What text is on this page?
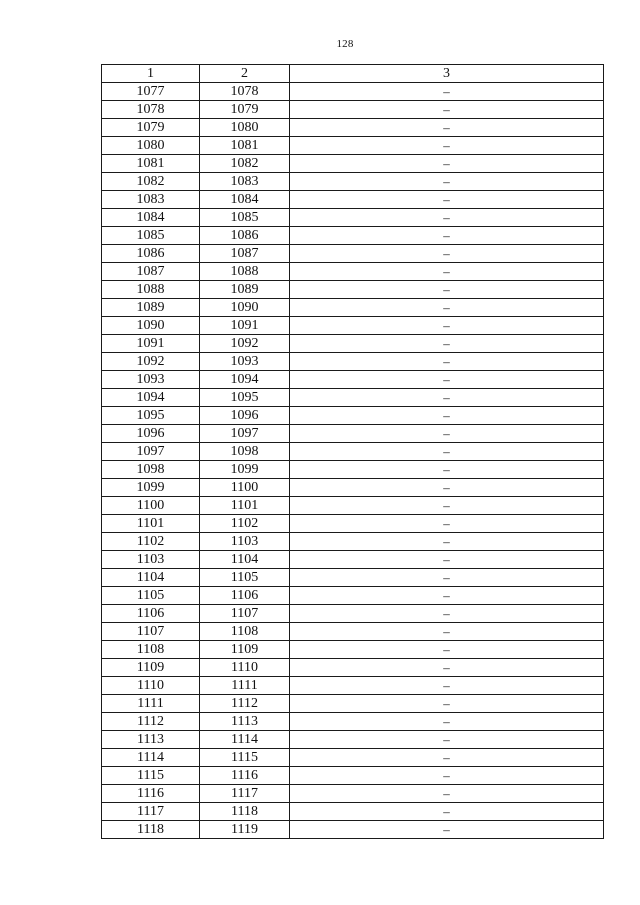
128
1	2	3
1077	1078	–
1078	1079	–
1079	1080	–
1080	1081	–
1081	1082	–
1082	1083	–
1083	1084	–
1084	1085	–
1085	1086	–
1086	1087	–
1087	1088	–
1088	1089	–
1089	1090	–
1090	1091	–
1091	1092	–
1092	1093	–
1093	1094	–
1094	1095	–
1095	1096	–
1096	1097	–
1097	1098	–
1098	1099	–
1099	1100	–
1100	1101	–
1101	1102	–
1102	1103	–
1103	1104	–
1104	1105	–
1105	1106	–
1106	1107	–
1107	1108	–
1108	1109	–
1109	1110	–
1110	1111	–
1111	1112	–
1112	1113	–
1113	1114	–
1114	1115	–
1115	1116	–
1116	1117	–
1117	1118	–
1118	1119	–
